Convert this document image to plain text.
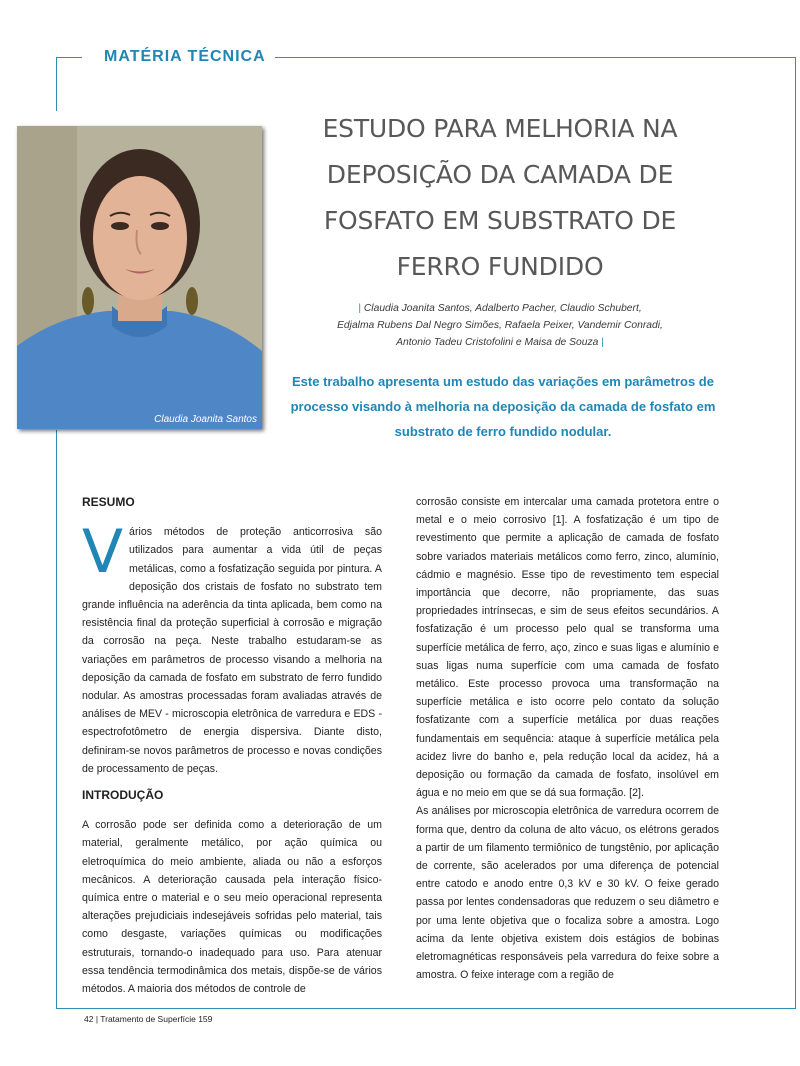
MATÉRIA TÉCNICA
Claudia Joanita Santos
ESTUDO PARA MELHORIA NA
DEPOSIÇÃO DA CAMADA DE
FOSFATO EM SUBSTRATO DE
FERRO FUNDIDO
| Claudia Joanita Santos, Adalberto Pacher, Claudio Schubert,
Edjalma Rubens Dal Negro Simões, Rafaela Peixer, Vandemir Conradi,
Antonio Tadeu Cristofolini e Maisa de Souza |
Este trabalho apresenta um estudo das variações em parâmetros de processo visando à melhoria na deposição da camada de fosfato em substrato de ferro fundido nodular.
RESUMO

Vários métodos de proteção anticorrosiva são utilizados para aumentar a vida útil de peças metálicas, como a fosfatização seguida por pintura. A deposição dos cristais de fosfato no substrato tem grande influência na aderência da tinta aplicada, bem como na resistência final da proteção superficial à corrosão e migração da corrosão na peça. Neste trabalho estudaram-se as variações em parâmetros de processo visando a melhoria na deposição da camada de fosfato em substrato de ferro fundido nodular. As amostras processadas foram avaliadas através de análises de MEV - microscopia eletrônica de varredura e EDS - espectrofotômetro de energia dispersiva. Diante disto, definiram-se novos parâmetros de processo e novas condições de processamento de peças.

INTRODUÇÃO

A corrosão pode ser definida como a deterioração de um material, geralmente metálico, por ação química ou eletroquímica do meio ambiente, aliada ou não a esforços mecânicos. A deterioração causada pela interação físico-química entre o material e o seu meio operacional representa alterações prejudiciais indesejáveis sofridas pelo material, tais como desgaste, variações químicas ou modificações estruturais, tornando-o inadequado para uso. Para atenuar essa tendência termodinâmica dos metais, dispõe-se de vários métodos. A maioria dos métodos de controle de

corrosão consiste em intercalar uma camada protetora entre o metal e o meio corrosivo [1]. A fosfatização é um tipo de revestimento que permite a aplicação de camada de fosfato sobre variados materiais metálicos como ferro, zinco, alumínio, cádmio e magnésio. Esse tipo de revestimento tem especial importância que decorre, não propriamente, das suas propriedades intrínsecas, e sim de seus efeitos secundários. A fosfatização é um processo pelo qual se transforma uma superfície metálica de ferro, aço, zinco e suas ligas e alumínio e suas ligas numa superfície com uma camada de fosfato metálico. Este processo provoca uma transformação na superfície metálica e isto ocorre pelo contato da solução fosfatizante com a superfície metálica por duas reações fundamentais em sequência: ataque à superfície metálica pela acidez livre do banho e, pela redução local da acidez, há a deposição ou formação da camada de fosfato, insolúvel em água e no meio em que se dá sua formação. [2].

As análises por microscopia eletrônica de varredura ocorrem de forma que, dentro da coluna de alto vácuo, os elétrons gerados a partir de um filamento termiônico de tungstênio, por aplicação de corrente, são acelerados por uma diferença de potencial entre catodo e anodo entre 0,3 kV e 30 kV. O feixe gerado passa por lentes condensadoras que reduzem o seu diâmetro e por uma lente objetiva que o focaliza sobre a amostra. Logo acima da lente objetiva existem dois estágios de bobinas eletromagnéticas responsáveis pela varredura do feixe sobre a amostra. O feixe interage com a região de

42 | Tratamento de Superfície 159
